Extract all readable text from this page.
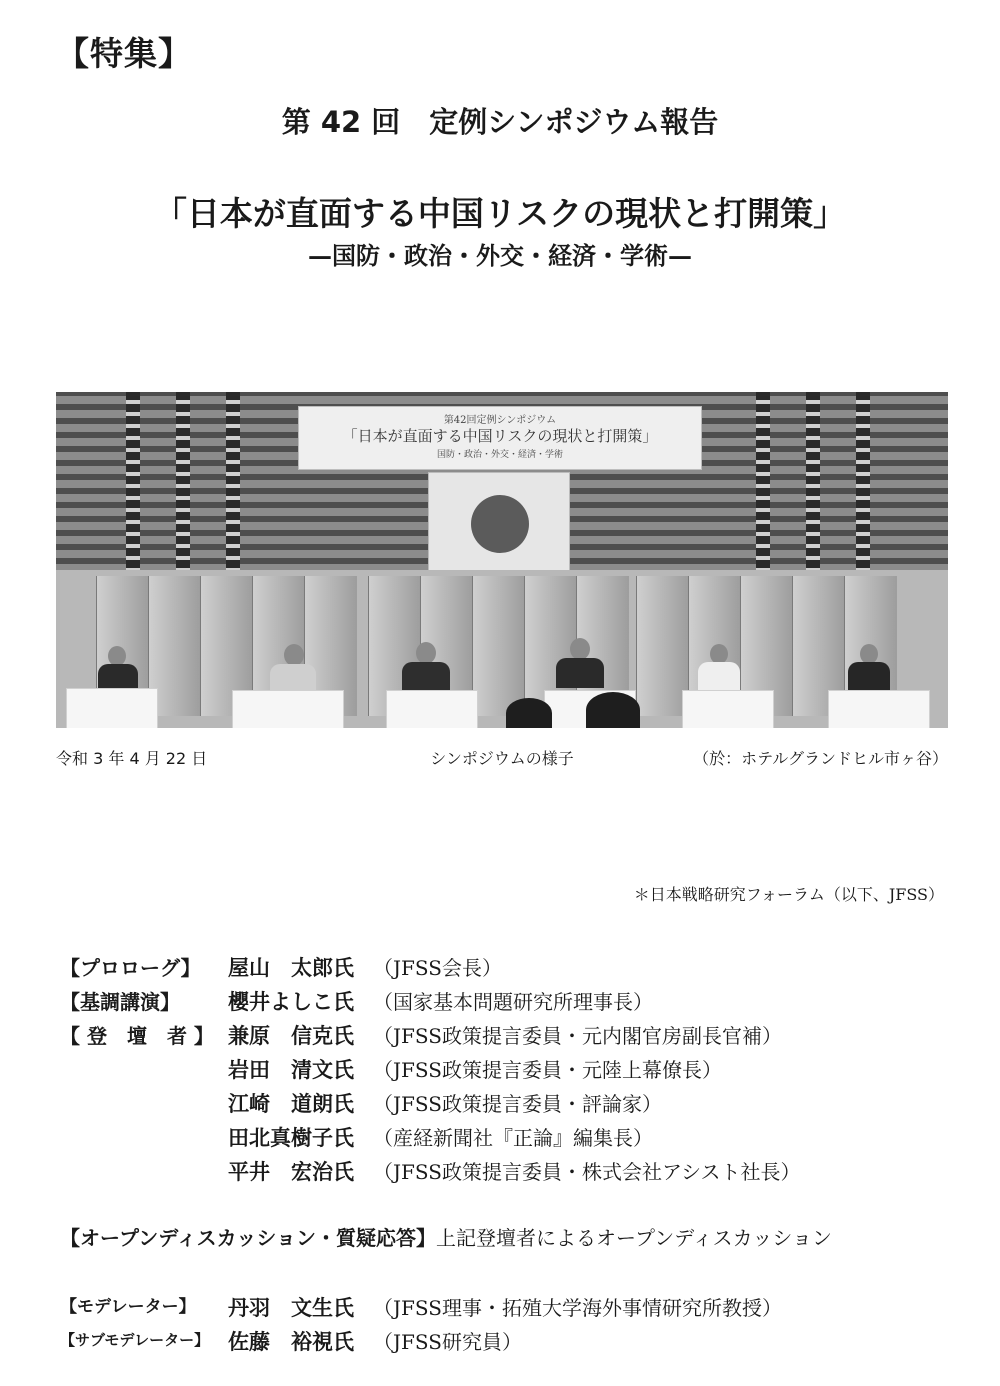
【特集】
第 42 回　定例シンポジウム報告
「日本が直面する中国リスクの現状と打開策」
—国防・政治・外交・経済・学術—
第42回定例シンポジウム
「日本が直面する中国リスクの現状と打開策」
国防・政治・外交・経済・学術
令和 3 年 4 月 22 日	シンポジウムの様子	（於：ホテルグランドヒル市ヶ谷）
＊日本戦略研究フォーラム（以下、JFSS）
【プロローグ】 屋山　太郎氏 （JFSS会長）
【基調講演】 櫻井よしこ氏 （国家基本問題研究所理事長）
【 登　壇　者 】 兼原　信克氏 （JFSS政策提言委員・元内閣官房副長官補）
岩田　清文氏 （JFSS政策提言委員・元陸上幕僚長）
江崎　道朗氏 （JFSS政策提言委員・評論家）
田北真樹子氏 （産経新聞社『正論』編集長）
平井　宏治氏 （JFSS政策提言委員・株式会社アシスト社長）
【オープンディスカッション・質疑応答】上記登壇者によるオープンディスカッション
【モデレーター】 丹羽　文生氏 （JFSS理事・拓殖大学海外事情研究所教授）
【サブモデレーター】 佐藤　裕視氏 （JFSS研究員）
